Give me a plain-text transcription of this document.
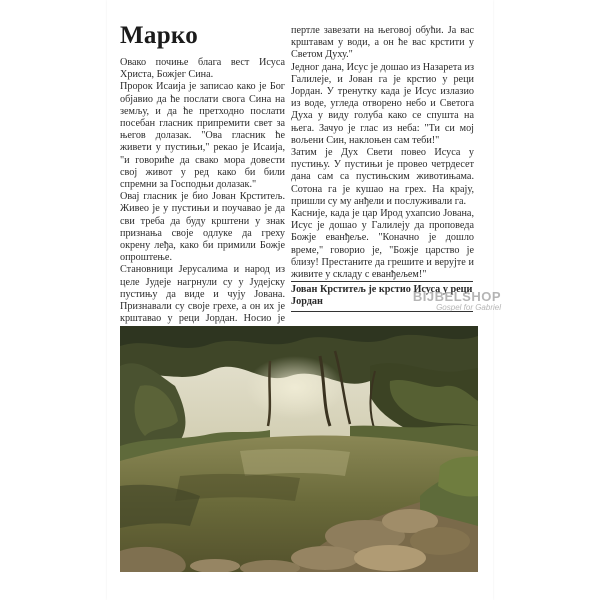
Марко

Овако почиње блага вест Исуса Христа, Божјег Сина.

Пророк Исаија је записао како је Бог објавио да ће послати свога Сина на земљу, и да ће претходно послати посебан гласник припремити свет за његов долазак. "Ова гласник ће живети у пустињи," рекао је Исаија, "и говориће да свако мора довести свој живот у ред како би били спремни за Господњи долазак."

Овај гласник је био Јован Крститељ. Живео је у пустињи и поучавао је да сви треба да буду крштени у знак признања своје одлуке да греху окрену леђа, како би примили Божје опроштење.

Становници Јерусалима и народ из целе Јудеје нагрнули су у Јудејску пустињу да виде и чују Јована. Признавали су своје грехе, а он их је крштавао у реци Јордан. Носио је

пертле завезати на његовој обући. Ја вас крштавам у води, а он ће вас крстити у Светом Духу."

Једног дана, Исус је дошао из Назарета из Галилеје, и Јован га је крстио у реци Јордан. У тренутку када је Исус излазио из воде, угледа отворено небо и Светога Духа у виду голуба како се спушта на њега. Зачуо је глас из неба: "Ти си мој вољени Син, наклоњен сам теби!"

Затим је Дух Свети повео Исуса у пустињу. У пустињи је провео четрдесет дана сам са пустињским животињама. Сотона га је кушао на грех. На крају, пришли су му анђели и послуживали га.

Касније, када је цар Ирод ухапсио Јована, Исус је дошао у Галилеју да проповеда Божје еванђеље. "Коначно је дошло време," говорио је, "Божје царство је близу! Престаните да грешите и верујте и живите у складу с еванђељем!"

Јован Крститељ је крстио Исуса у реци Јордан	BIJBELSHOP
Gospel for Gabriel
